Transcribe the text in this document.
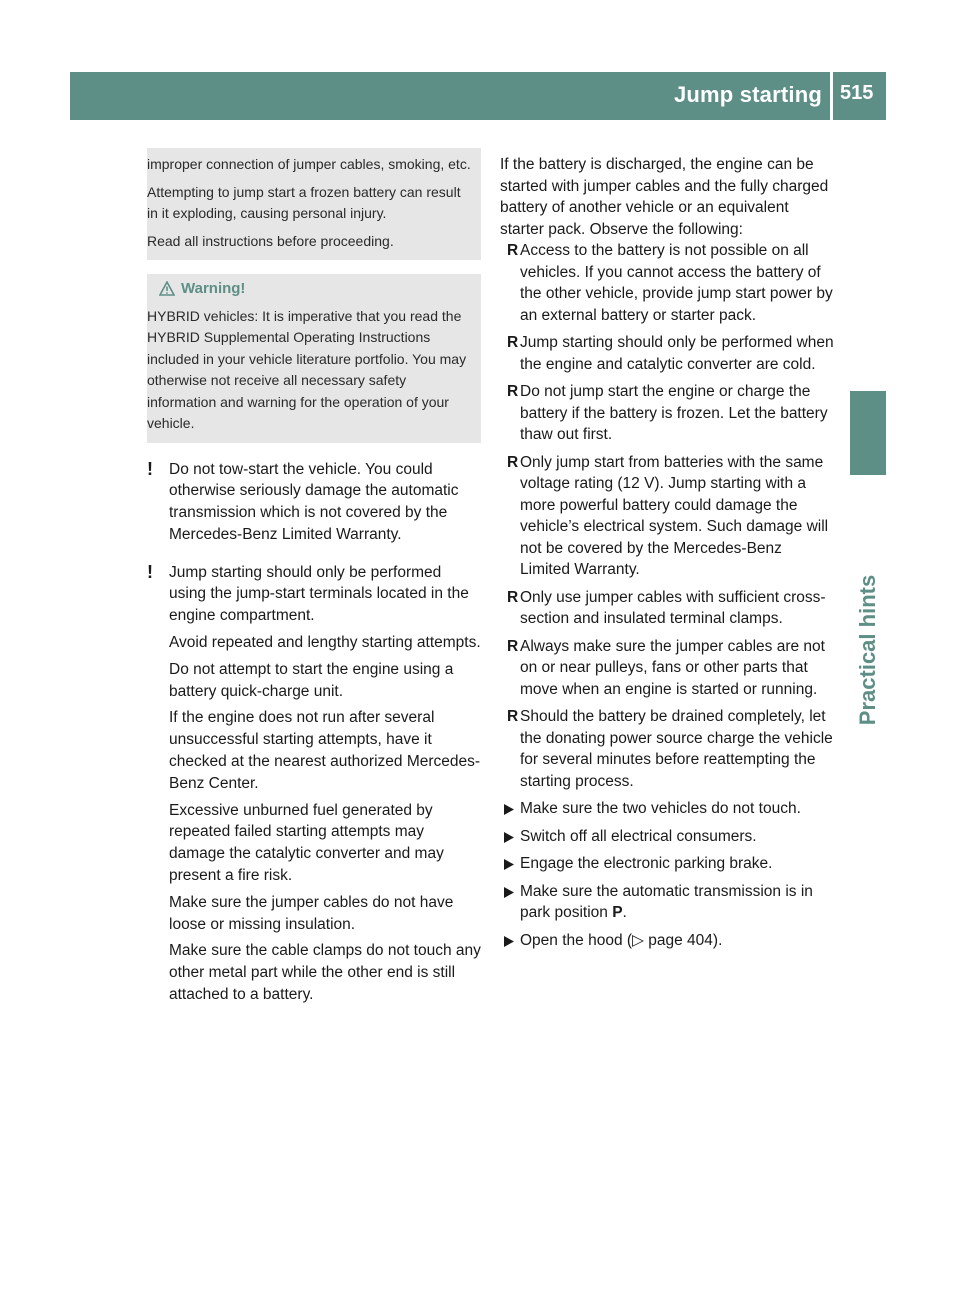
Jump starting 515
Practical hints

improper connection of jumper cables, smoking, etc.

Attempting to jump start a frozen battery can result in it exploding, causing personal injury.

Read all instructions before proceeding.

Warning!

HYBRID vehicles: It is imperative that you read the HYBRID Supplemental Operating Instructions included in your vehicle literature portfolio. You may otherwise not receive all necessary safety information and warning for the operation of your vehicle.

! Do not tow-start the vehicle. You could otherwise seriously damage the automatic transmission which is not covered by the Mercedes-Benz Limited Warranty.

! Jump starting should only be performed using the jump-start terminals located in the engine compartment.

Avoid repeated and lengthy starting attempts.

Do not attempt to start the engine using a battery quick-charge unit.

If the engine does not run after several unsuccessful starting attempts, have it checked at the nearest authorized Mercedes-Benz Center.

Excessive unburned fuel generated by repeated failed starting attempts may damage the catalytic converter and may present a fire risk.

Make sure the jumper cables do not have loose or missing insulation.

Make sure the cable clamps do not touch any other metal part while the other end is still attached to a battery.

If the battery is discharged, the engine can be started with jumper cables and the fully charged battery of another vehicle or an equivalent starter pack. Observe the following:

R Access to the battery is not possible on all vehicles. If you cannot access the battery of the other vehicle, provide jump start power by an external battery or starter pack.
R Jump starting should only be performed when the engine and catalytic converter are cold.
R Do not jump start the engine or charge the battery if the battery is frozen. Let the battery thaw out first.
R Only jump start from batteries with the same voltage rating (12 V). Jump starting with a more powerful battery could damage the vehicle’s electrical system. Such damage will not be covered by the Mercedes-Benz Limited Warranty.
R Only use jumper cables with sufficient cross-section and insulated terminal clamps.
R Always make sure the jumper cables are not on or near pulleys, fans or other parts that move when an engine is started or running.
R Should the battery be drained completely, let the donating power source charge the vehicle for several minutes before reattempting the starting process.
Make sure the two vehicles do not touch.
Switch off all electrical consumers.
Engage the electronic parking brake.
Make sure the automatic transmission is in park position P.
Open the hood (▷ page 404).
